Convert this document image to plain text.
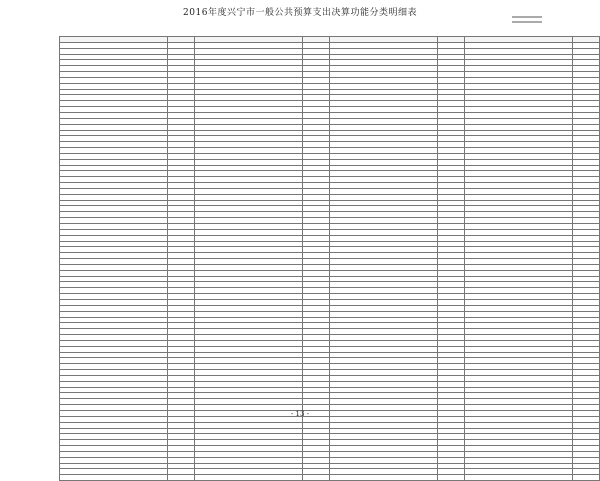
2016年度兴宁市一般公共预算支出决算功能分类明细表

- 13 -
